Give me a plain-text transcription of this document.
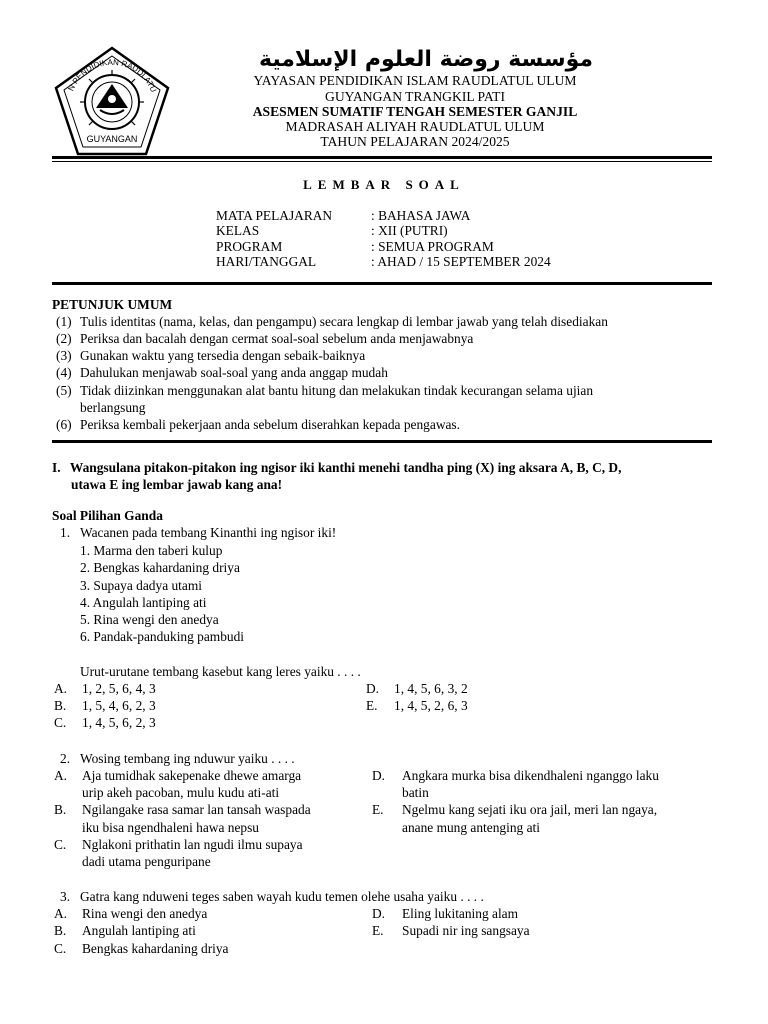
N PENDIDIKAN RAUDLATU
GUYANGAN
مؤسسة روضة العلوم الإسلامية
YAYASAN PENDIDIKAN ISLAM RAUDLATUL ULUM
GUYANGAN TRANGKIL PATI
ASESMEN SUMATIF TENGAH SEMESTER GANJIL
MADRASAH ALIYAH RAUDLATUL ULUM
TAHUN PELAJARAN 2024/2025
LEMBAR SOAL
MATA PELAJARAN	: BAHASA JAWA
KELAS	: XII (PUTRI)
PROGRAM	: SEMUA PROGRAM
HARI/TANGGAL	: AHAD / 15 SEPTEMBER 2024
PETUNJUK UMUM
(1) Tulis identitas (nama, kelas, dan pengampu) secara lengkap di lembar jawab yang telah disediakan
(2) Periksa dan bacalah dengan cermat soal-soal sebelum anda menjawabnya
(3) Gunakan waktu yang tersedia dengan sebaik-baiknya
(4) Dahulukan menjawab soal-soal yang anda anggap mudah
(5) Tidak diizinkan menggunakan alat bantu hitung dan melakukan tindak kecurangan selama ujian
berlangsung
(6) Periksa kembali pekerjaan anda sebelum diserahkan kepada pengawas.
I. Wangsulana pitakon-pitakon ing ngisor iki kanthi menehi tandha ping (X) ing aksara A, B, C, D,
utawa E ing lembar jawab kang ana!
Soal Pilihan Ganda
1. Wacanen pada tembang Kinanthi ing ngisor iki!
1. Marma den taberi kulup
2. Bengkas kahardaning driya
3. Supaya dadya utami
4. Angulah lantiping ati
5. Rina wengi den anedya
6. Pandak-panduking pambudi
Urut-urutane tembang kasebut kang leres yaiku . . . .
A. 1, 2, 5, 6, 4, 3
B. 1, 5, 4, 6, 2, 3
C. 1, 4, 5, 6, 2, 3
D. 1, 4, 5, 6, 3, 2
E. 1, 4, 5, 2, 6, 3
2. Wosing tembang ing nduwur yaiku . . . .
A. Aja tumidhak sakepenake dhewe amarga
urip akeh pacoban, mulu kudu ati-ati
B. Ngilangake rasa samar lan tansah waspada
iku bisa ngendhaleni hawa nepsu
C. Nglakoni prithatin lan ngudi ilmu supaya
dadi utama penguripane
D. Angkara murka bisa dikendhaleni nganggo laku
batin
E. Ngelmu kang sejati iku ora jail, meri lan ngaya,
anane mung antenging ati
3. Gatra kang nduweni teges saben wayah kudu temen olehe usaha yaiku . . . .
A. Rina wengi den anedya
B. Angulah lantiping ati
C. Bengkas kahardaning driya
D. Eling lukitaning alam
E. Supadi nir ing sangsaya
